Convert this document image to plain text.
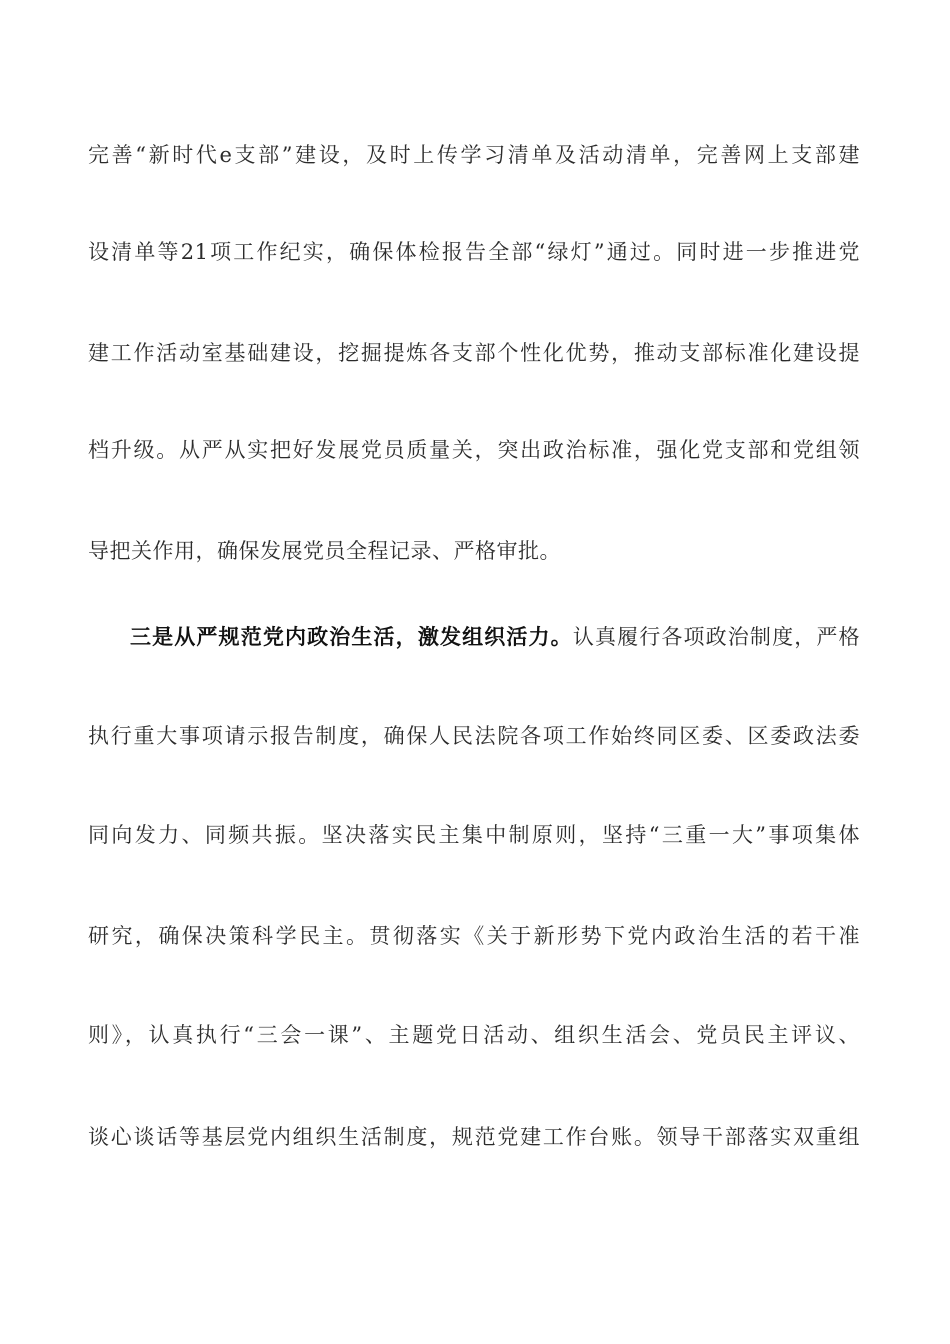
完善“新时代e支部”建设，及时上传学习清单及活动清单，完善网上支部建
设清单等21项工作纪实，确保体检报告全部“绿灯”通过。同时进一步推进党
建工作活动室基础建设，挖掘提炼各支部个性化优势，推动支部标准化建设提
档升级。从严从实把好发展党员质量关，突出政治标准，强化党支部和党组领
导把关作用，确保发展党员全程记录、严格审批。
三是从严规范党内政治生活，激发组织活力。认真履行各项政治制度，严格
执行重大事项请示报告制度，确保人民法院各项工作始终同区委、区委政法委
同向发力、同频共振。坚决落实民主集中制原则，坚持“三重一大”事项集体
研究，确保决策科学民主。贯彻落实《关于新形势下党内政治生活的若干准
则》，认真执行“三会一课”、主题党日活动、组织生活会、党员民主评议、
谈心谈话等基层党内组织生活制度，规范党建工作台账。领导干部落实双重组
